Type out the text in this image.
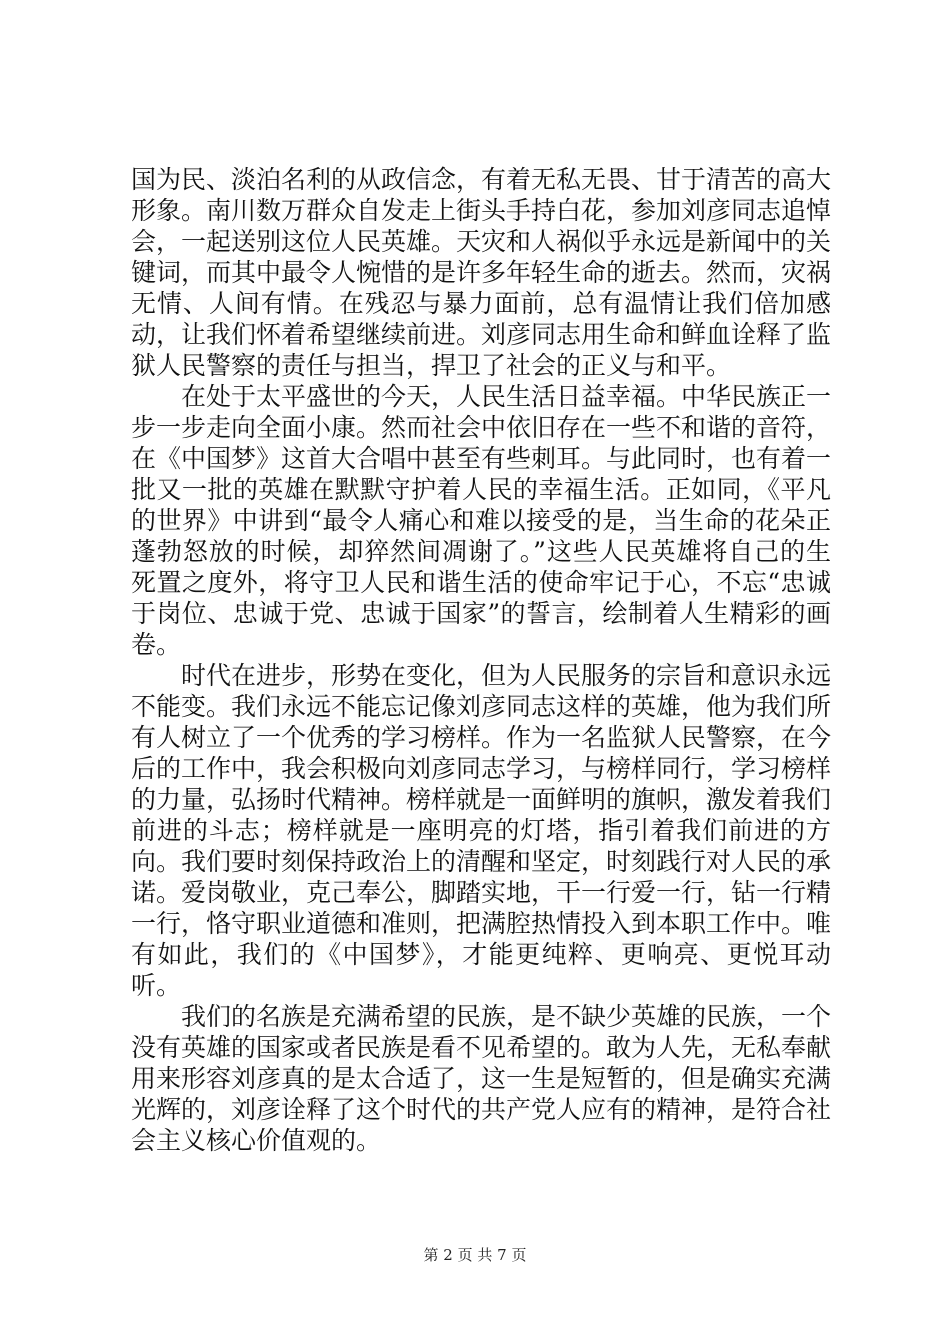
国为民、淡泊名利的从政信念，有着无私无畏、甘于清苦的高大形象。南川数万群众自发走上街头手持白花，参加刘彦同志追悼会，一起送别这位人民英雄。天灾和人祸似乎永远是新闻中的关键词，而其中最令人惋惜的是许多年轻生命的逝去。然而，灾祸无情、人间有情。在残忍与暴力面前，总有温情让我们倍加感动，让我们怀着希望继续前进。刘彦同志用生命和鲜血诠释了监狱人民警察的责任与担当，捍卫了社会的正义与和平。

在处于太平盛世的今天，人民生活日益幸福。中华民族正一步一步走向全面小康。然而社会中依旧存在一些不和谐的音符，在《中国梦》这首大合唱中甚至有些刺耳。与此同时，也有着一批又一批的英雄在默默守护着人民的幸福生活。正如同，《平凡的世界》中讲到“最令人痛心和难以接受的是，当生命的花朵正蓬勃怒放的时候，却猝然间凋谢了。”这些人民英雄将自己的生死置之度外，将守卫人民和谐生活的使命牢记于心，不忘“忠诚于岗位、忠诚于党、忠诚于国家”的誓言，绘制着人生精彩的画卷。

时代在进步，形势在变化，但为人民服务的宗旨和意识永远不能变。我们永远不能忘记像刘彦同志这样的英雄，他为我们所有人树立了一个优秀的学习榜样。作为一名监狱人民警察，在今后的工作中，我会积极向刘彦同志学习，与榜样同行，学习榜样的力量，弘扬时代精神。榜样就是一面鲜明的旗帜，激发着我们前进的斗志；榜样就是一座明亮的灯塔，指引着我们前进的方向。我们要时刻保持政治上的清醒和坚定，时刻践行对人民的承诺。爱岗敬业，克己奉公，脚踏实地，干一行爱一行，钻一行精一行，恪守职业道德和准则，把满腔热情投入到本职工作中。唯有如此，我们的《中国梦》，才能更纯粹、更响亮、更悦耳动听。

我们的名族是充满希望的民族，是不缺少英雄的民族，一个没有英雄的国家或者民族是看不见希望的。敢为人先，无私奉献用来形容刘彦真的是太合适了，这一生是短暂的，但是确实充满光辉的，刘彦诠释了这个时代的共产党人应有的精神，是符合社会主义核心价值观的。

第 2 页 共 7 页
